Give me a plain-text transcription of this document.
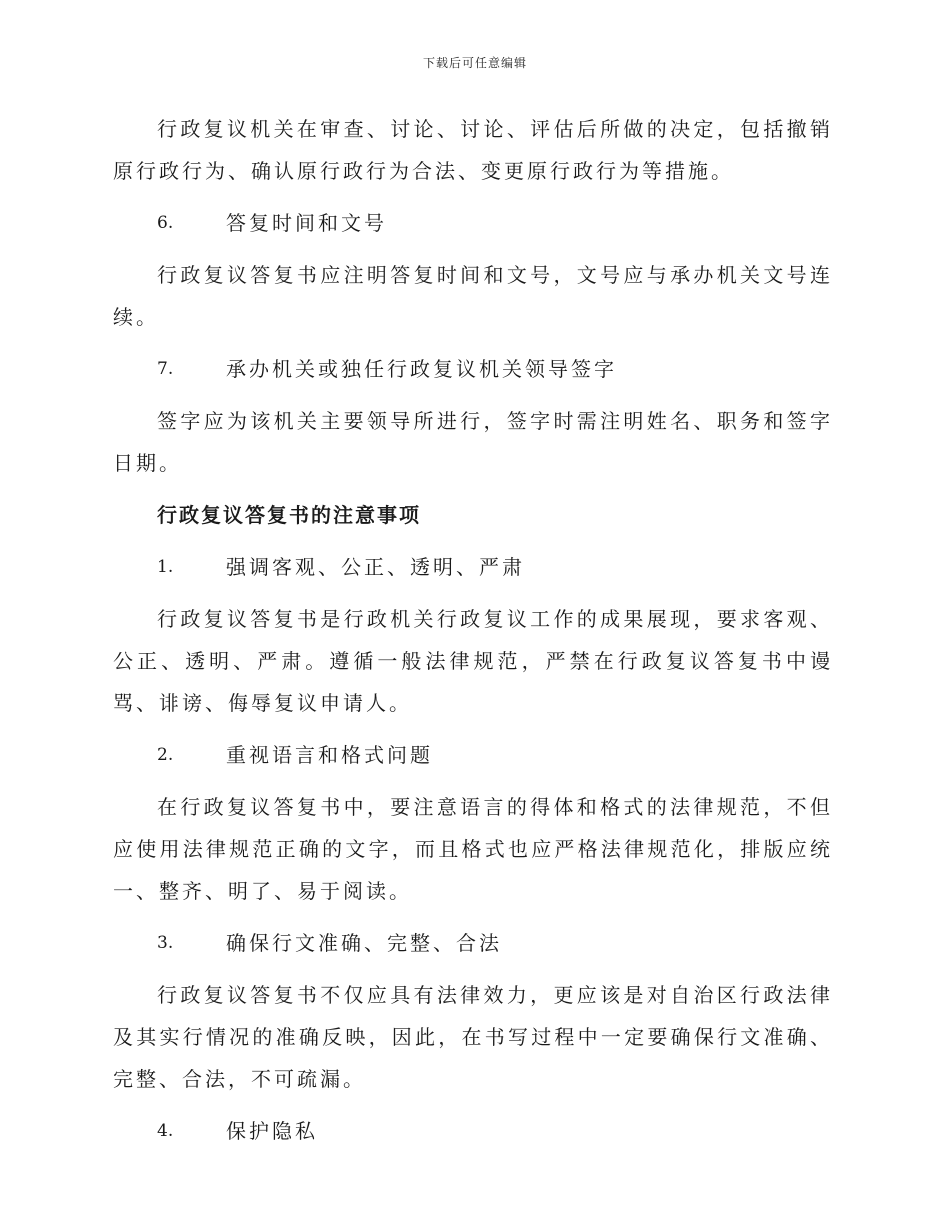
下载后可任意编辑

行政复议机关在审查、讨论、讨论、评估后所做的决定，包括撤销原行政行为、确认原行政行为合法、变更原行政行为等措施。

6.	答复时间和文号

行政复议答复书应注明答复时间和文号，文号应与承办机关文号连续。

7.	承办机关或独任行政复议机关领导签字

签字应为该机关主要领导所进行，签字时需注明姓名、职务和签字日期。

行政复议答复书的注意事项
1.	强调客观、公正、透明、严肃

行政复议答复书是行政机关行政复议工作的成果展现，要求客观、公正、透明、严肃。遵循一般法律规范，严禁在行政复议答复书中谩骂、诽谤、侮辱复议申请人。

2.	重视语言和格式问题

在行政复议答复书中，要注意语言的得体和格式的法律规范，不但应使用法律规范正确的文字，而且格式也应严格法律规范化，排版应统一、整齐、明了、易于阅读。

3.	确保行文准确、完整、合法

行政复议答复书不仅应具有法律效力，更应该是对自治区行政法律及其实行情况的准确反映，因此，在书写过程中一定要确保行文准确、完整、合法，不可疏漏。

4.	保护隐私
